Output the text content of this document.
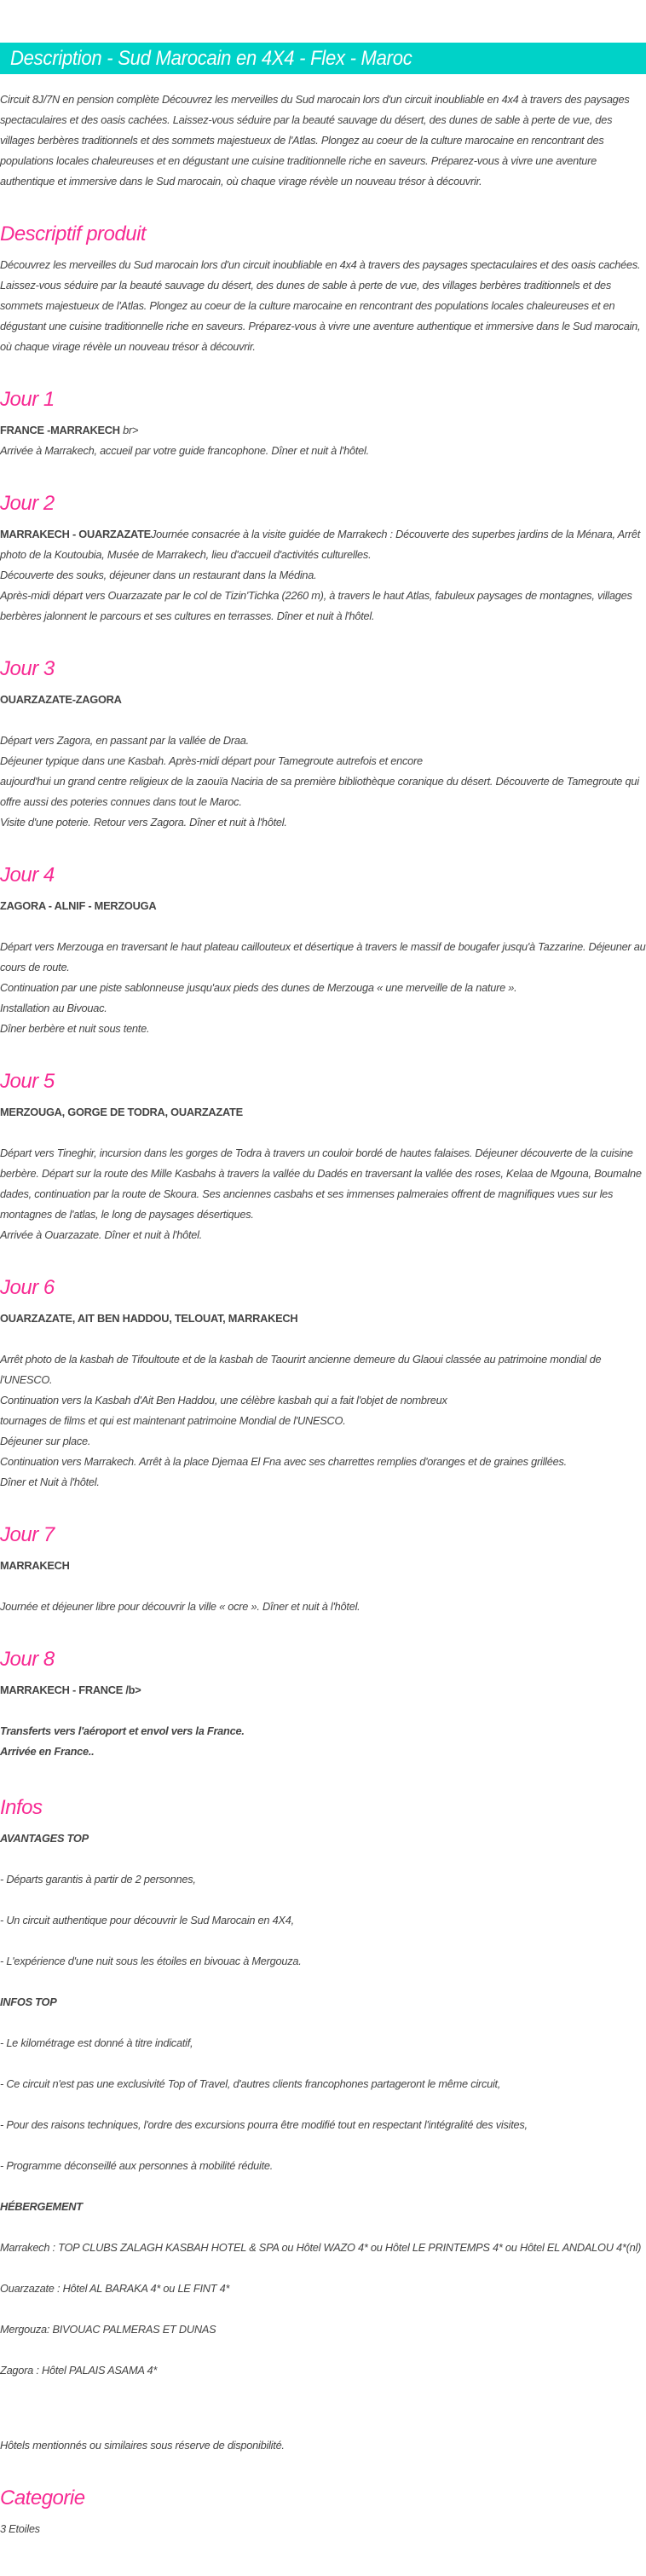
Description - Sud Marocain en 4X4 - Flex - Maroc

Circuit 8J/7N en pension complète Découvrez les merveilles du Sud marocain lors d'un circuit inoubliable en 4x4 à travers des paysages spectaculaires et des oasis cachées. Laissez-vous séduire par la beauté sauvage du désert, des dunes de sable à perte de vue, des villages berbères traditionnels et des sommets majestueux de l'Atlas. Plongez au coeur de la culture marocaine en rencontrant des populations locales chaleureuses et en dégustant une cuisine traditionnelle riche en saveurs. Préparez-vous à vivre une aventure authentique et immersive dans le Sud marocain, où chaque virage révèle un nouveau trésor à découvrir.

Descriptif produit

Découvrez les merveilles du Sud marocain lors d'un circuit inoubliable en 4x4 à travers des paysages spectaculaires et des oasis cachées. Laissez-vous séduire par la beauté sauvage du désert, des dunes de sable à perte de vue, des villages berbères traditionnels et des sommets majestueux de l'Atlas. Plongez au coeur de la culture marocaine en rencontrant des populations locales chaleureuses et en dégustant une cuisine traditionnelle riche en saveurs. Préparez-vous à vivre une aventure authentique et immersive dans le Sud marocain, où chaque virage révèle un nouveau trésor à découvrir.

Jour 1

FRANCE -MARRAKECH br>

Arrivée à Marrakech, accueil par votre guide francophone. Dîner et nuit à l'hôtel.

Jour 2

MARRAKECH - OUARZAZATEJournée consacrée à la visite guidée de Marrakech : Découverte des superbes jardins de la Ménara, Arrêt photo de la Koutoubia, Musée de Marrakech, lieu d'accueil d'activités culturelles.

Découverte des souks, déjeuner dans un restaurant dans la Médina.

Après-midi départ vers Ouarzazate par le col de Tizin'Tichka (2260 m), à travers le haut Atlas, fabuleux paysages de montagnes, villages berbères jalonnent le parcours et ses cultures en terrasses. Dîner et nuit à l'hôtel.

Jour 3

OUARZAZATE-ZAGORA

Départ vers Zagora, en passant par la vallée de Draa.

Déjeuner typique dans une Kasbah. Après-midi départ pour Tamegroute autrefois et encore

aujourd'hui un grand centre religieux de la zaouïa Naciria de sa première bibliothèque coranique du désert. Découverte de Tamegroute qui offre aussi des poteries connues dans tout le Maroc.

Visite d'une poterie. Retour vers Zagora. Dîner et nuit à l'hôtel.

Jour 4

ZAGORA - ALNIF - MERZOUGA

Départ vers Merzouga en traversant le haut plateau caillouteux et désertique à travers le massif de bougafer jusqu'à Tazzarine. Déjeuner au cours de route.

Continuation par une piste sablonneuse jusqu'aux pieds des dunes de Merzouga « une merveille de la nature ».

Installation au Bivouac.

Dîner berbère et nuit sous tente.

Jour 5

MERZOUGA, GORGE DE TODRA, OUARZAZATE

Départ vers Tineghir, incursion dans les gorges de Todra à travers un couloir bordé de hautes falaises. Déjeuner découverte de la cuisine berbère. Départ sur la route des Mille Kasbahs à travers la vallée du Dadés en traversant la vallée des roses, Kelaa de Mgouna, Boumalne dades, continuation par la route de Skoura. Ses anciennes casbahs et ses immenses palmeraies offrent de magnifiques vues sur les montagnes de l'atlas, le long de paysages désertiques.

Arrivée à Ouarzazate. Dîner et nuit à l'hôtel.

Jour 6

OUARZAZATE, AIT BEN HADDOU, TELOUAT, MARRAKECH

Arrêt photo de la kasbah de Tifoultoute et de la kasbah de Taourirt ancienne demeure du Glaoui classée au patrimoine mondial de l'UNESCO.

Continuation vers la Kasbah d'Ait Ben Haddou, une célèbre kasbah qui a fait l'objet de nombreux

tournages de films et qui est maintenant patrimoine Mondial de l'UNESCO.

Déjeuner sur place.

Continuation vers Marrakech. Arrêt à la place Djemaa El Fna avec ses charrettes remplies d'oranges et de graines grillées.

Dîner et Nuit à l'hôtel.

Jour 7

MARRAKECH

Journée et déjeuner libre pour découvrir la ville « ocre ». Dîner et nuit à l'hôtel.

Jour 8

MARRAKECH - FRANCE /b>

Transferts vers l'aéroport et envol vers la France.

Arrivée en France..

Infos

AVANTAGES TOP

- Départs garantis à partir de 2 personnes,

- Un circuit authentique pour découvrir le Sud Marocain en 4X4,

- L'expérience d'une nuit sous les étoiles en bivouac à Mergouza.

INFOS TOP

- Le kilométrage est donné à titre indicatif,

- Ce circuit n'est pas une exclusivité Top of Travel, d'autres clients francophones partageront le même circuit,

- Pour des raisons techniques, l'ordre des excursions pourra être modifié tout en respectant l'intégralité des visites,

- Programme déconseillé aux personnes à mobilité réduite.

HÉBERGEMENT

Marrakech : TOP CLUBS ZALAGH KASBAH HOTEL & SPA ou Hôtel WAZO 4* ou Hôtel LE PRINTEMPS 4* ou Hôtel EL ANDALOU 4*(nl)

Ouarzazate : Hôtel AL BARAKA 4* ou LE FINT 4*

Mergouza: BIVOUAC PALMERAS ET DUNAS

Zagora : Hôtel PALAIS ASAMA 4*

Hôtels mentionnés ou similaires sous réserve de disponibilité.

Categorie

3 Etoiles
